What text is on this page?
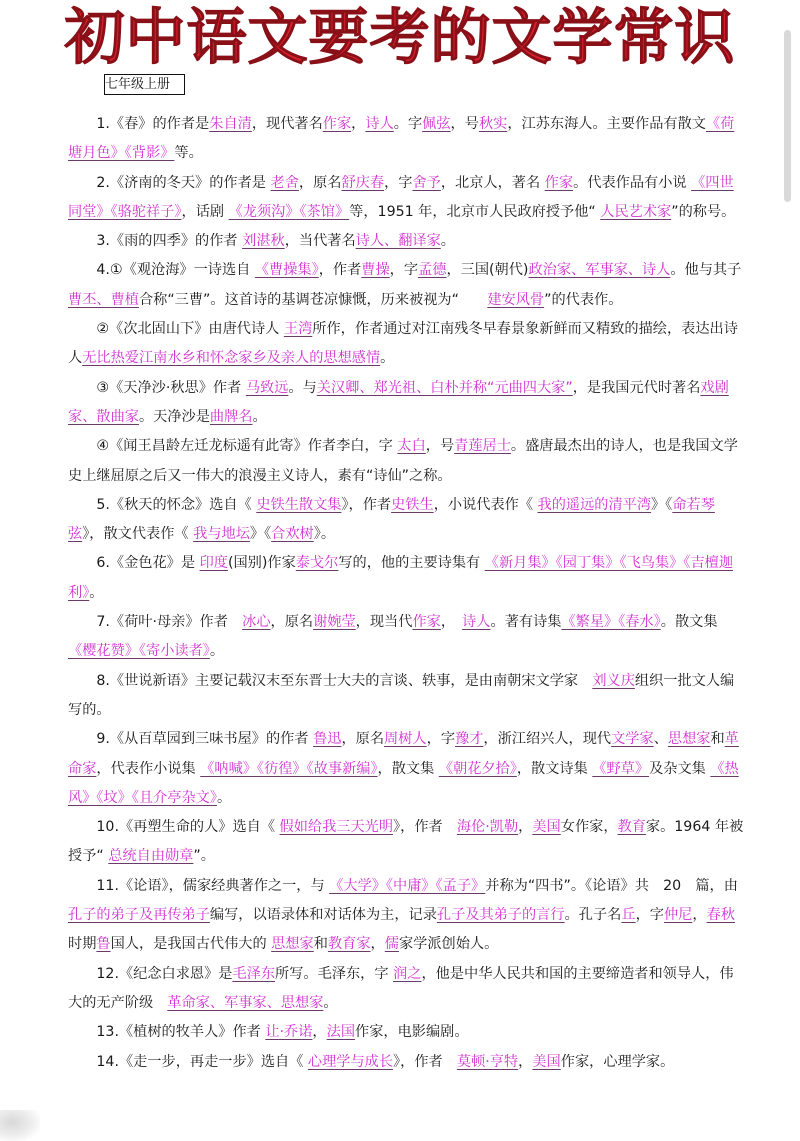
初中语文要考的文学常识
七年级上册

1.《春》的作者是朱自清，现代著名作家，诗人。字佩弦，号秋实，江苏东海人。主要作品有散文《荷塘月色》《背影》等。

2.《济南的冬天》的作者是 老舍，原名舒庆春，字舍予，北京人，著名 作家。代表作品有小说 《四世同堂》《骆驼祥子》，话剧 《龙须沟》《茶馆》等，1951 年，北京市人民政府授予他“ 人民艺术家”的称号。

3.《雨的四季》的作者 刘湛秋，当代著名诗人、翻译家。

4.①《观沧海》一诗选自 《曹操集》，作者曹操，字孟德，三国(朝代)政治家、军事家、诗人。他与其子曹丕、曹植合称“三曹”。这首诗的基调苍凉慷慨，历来被视为“　　建安风骨”的代表作。

②《次北固山下》由唐代诗人 王湾所作，作者通过对江南残冬早春景象新鲜而又精致的描绘，表达出诗人无比热爱江南水乡和怀念家乡及亲人的思想感情。

③《天净沙·秋思》作者 马致远。与关汉卿、郑光祖、白朴并称“元曲四大家”，是我国元代时著名戏剧家、散曲家。天净沙是曲牌名。

④《闻王昌龄左迁龙标遥有此寄》作者李白，字 太白，号青莲居士。盛唐最杰出的诗人，也是我国文学史上继屈原之后又一伟大的浪漫主义诗人，素有“诗仙”之称。

5.《秋天的怀念》选自《 史铁生散文集》，作者史铁生，小说代表作《 我的遥远的清平湾》《命若琴弦》，散文代表作《 我与地坛》《合欢树》。

6.《金色花》是 印度(国别)作家泰戈尔写的，他的主要诗集有 《新月集》《园丁集》《飞鸟集》《吉檀迦利》。

7.《荷叶·母亲》作者　冰心，原名谢婉莹，现当代作家，　诗人。著有诗集《繁星》《春水》。散文集《樱花赞》《寄小读者》。

8.《世说新语》主要记载汉末至东晋士大夫的言谈、轶事，是由南朝宋文学家　刘义庆组织一批文人编写的。

9.《从百草园到三味书屋》的作者 鲁迅，原名周树人，字豫才，浙江绍兴人，现代文学家、思想家和革命家，代表作小说集 《呐喊》《彷徨》《故事新编》，散文集 《朝花夕拾》，散文诗集 《野草》及杂文集 《热风》《坟》《且介亭杂文》。

10.《再塑生命的人》选自《 假如给我三天光明》，作者　海伦·凯勒，美国女作家，教育家。1964 年被授予“ 总统自由勋章”。

11.《论语》，儒家经典著作之一，与 《大学》《中庸》《孟子》并称为“四书”。《论语》共　20　篇，由孔子的弟子及再传弟子编写，以语录体和对话体为主，记录孔子及其弟子的言行。孔子名丘，字仲尼，春秋时期鲁国人，是我国古代伟大的 思想家和教育家，儒家学派创始人。

12.《纪念白求恩》是毛泽东所写。毛泽东，字 润之，他是中华人民共和国的主要缔造者和领导人，伟大的无产阶级　革命家、军事家、思想家。

13.《植树的牧羊人》作者 让·乔诺，法国作家，电影编剧。

14.《走一步，再走一步》选自《 心理学与成长》，作者　莫顿·亨特，美国作家，心理学家。
